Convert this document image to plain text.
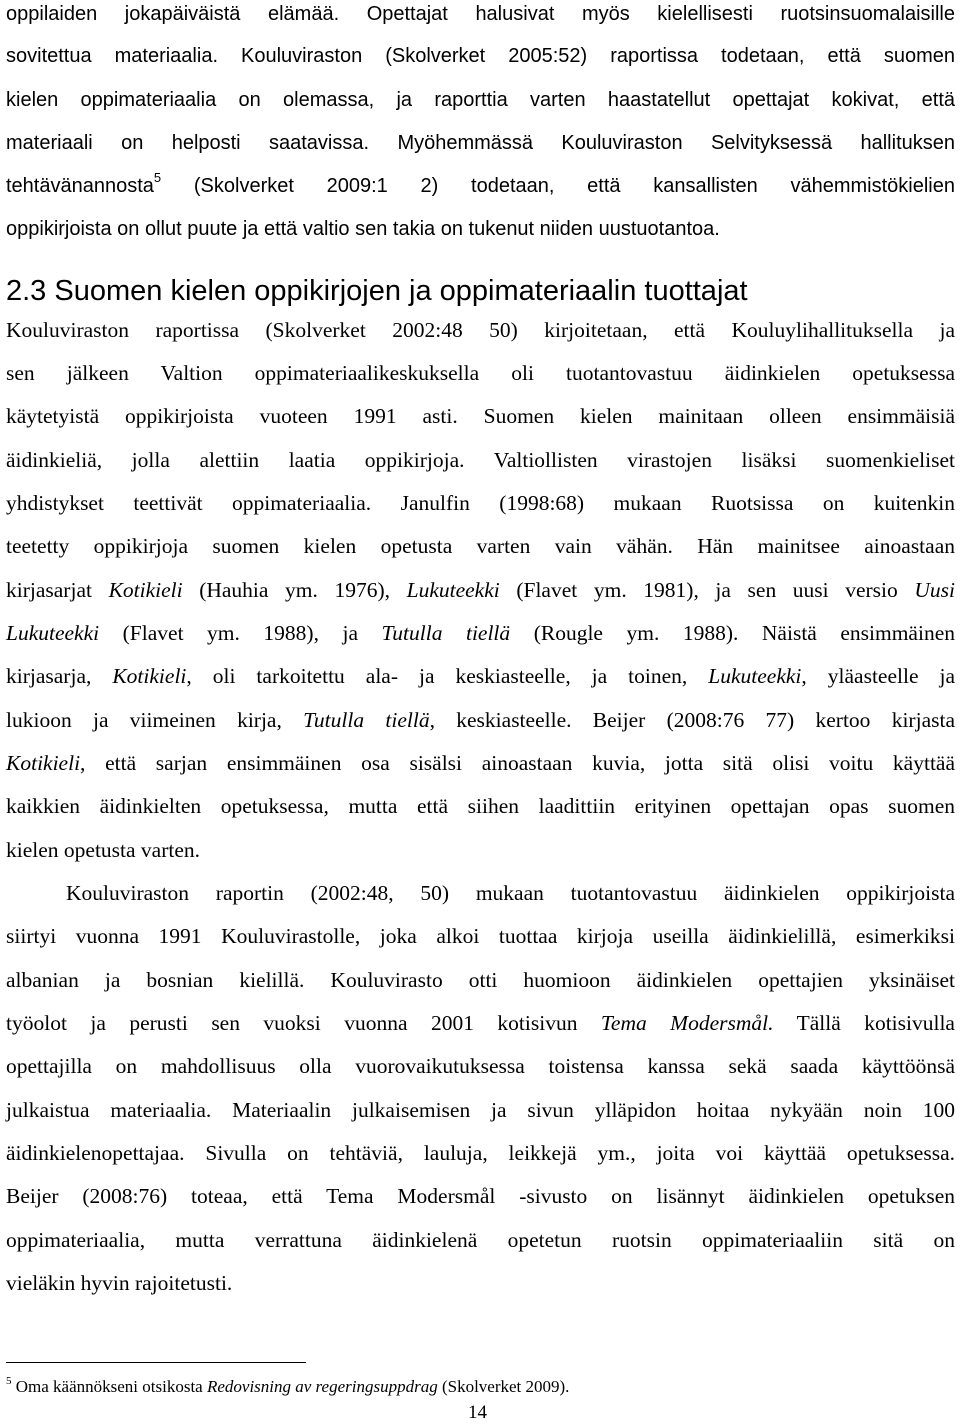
oppilaiden jokapäiväistä elämää. Opettajat halusivat myös kielellisesti ruotsinsuomalaisille
sovitettua materiaalia. Kouluviraston (Skolverket 2005:52) raportissa todetaan, että suomen
kielen oppimateriaalia on olemassa, ja raporttia varten haastatellut opettajat kokivat, että
materiaali on helposti saatavissa. Myöhemmässä Kouluviraston Selvityksessä hallituksen
tehtävänannosta$^5$ (Skolverket 2009:1 2) todetaan, että kansallisten vähemmistökielien
oppikirjoista on ollut puute ja että valtio sen takia on tukenut niiden uustuotantoa.
2.3 Suomen kielen oppikirjojen ja oppimateriaalin tuottajat
Kouluviraston raportissa (Skolverket 2002:48 50) kirjoitetaan, että Kouluylihallituksella ja
sen jälkeen Valtion oppimateriaalikeskuksella oli tuotantovastuu äidinkielen opetuksessa
käytetyistä oppikirjoista vuoteen 1991 asti. Suomen kielen mainitaan olleen ensimmäisiä
äidinkieliä, jolla alettiin laatia oppikirjoja. Valtiollisten virastojen lisäksi suomenkieliset
yhdistykset teettivät oppimateriaalia. Janulfin (1998:68) mukaan Ruotsissa on kuitenkin
teetetty oppikirjoja suomen kielen opetusta varten vain vähän. Hän mainitsee ainoastaan
kirjasarjat Kotikieli (Hauhia ym. 1976), Lukuteekki (Flavet ym. 1981), ja sen uusi versio Uusi
Lukuteekki (Flavet ym. 1988), ja Tutulla tiellä (Rougle ym. 1988). Näistä ensimmäinen
kirjasarja, Kotikieli, oli tarkoitettu ala- ja keskiasteelle, ja toinen, Lukuteekki, yläasteelle ja
lukioon ja viimeinen kirja, Tutulla tiellä, keskiasteelle. Beijer (2008:76 77) kertoo kirjasta
Kotikieli, että sarjan ensimmäinen osa sisälsi ainoastaan kuvia, jotta sitä olisi voitu käyttää
kaikkien äidinkielten opetuksessa, mutta että siihen laadittiin erityinen opettajan opas suomen
kielen opetusta varten.
Kouluviraston raportin (2002:48, 50) mukaan tuotantovastuu äidinkielen oppikirjoista
siirtyi vuonna 1991 Kouluvirastolle, joka alkoi tuottaa kirjoja useilla äidinkielillä, esimerkiksi
albanian ja bosnian kielillä. Kouluvirasto otti huomioon äidinkielen opettajien yksinäiset
työolot ja perusti sen vuoksi vuonna 2001 kotisivun Tema Modersmål. Tällä kotisivulla
opettajilla on mahdollisuus olla vuorovaikutuksessa toistensa kanssa sekä saada käyttöönsä
julkaistua materiaalia. Materiaalin julkaisemisen ja sivun ylläpidon hoitaa nykyään noin 100
äidinkielenopettajaa. Sivulla on tehtäviä, lauluja, leikkejä ym., joita voi käyttää opetuksessa.
Beijer (2008:76) toteaa, että Tema Modersmål -sivusto on lisännyt äidinkielen opetuksen
oppimateriaalia, mutta verrattuna äidinkielenä opetetun ruotsin oppimateriaaliin sitä on
vieläkin hyvin rajoitetusti.
$^5$ Oma käännökseni otsikosta Redovisning av regeringsuppdrag (Skolverket 2009).
14
